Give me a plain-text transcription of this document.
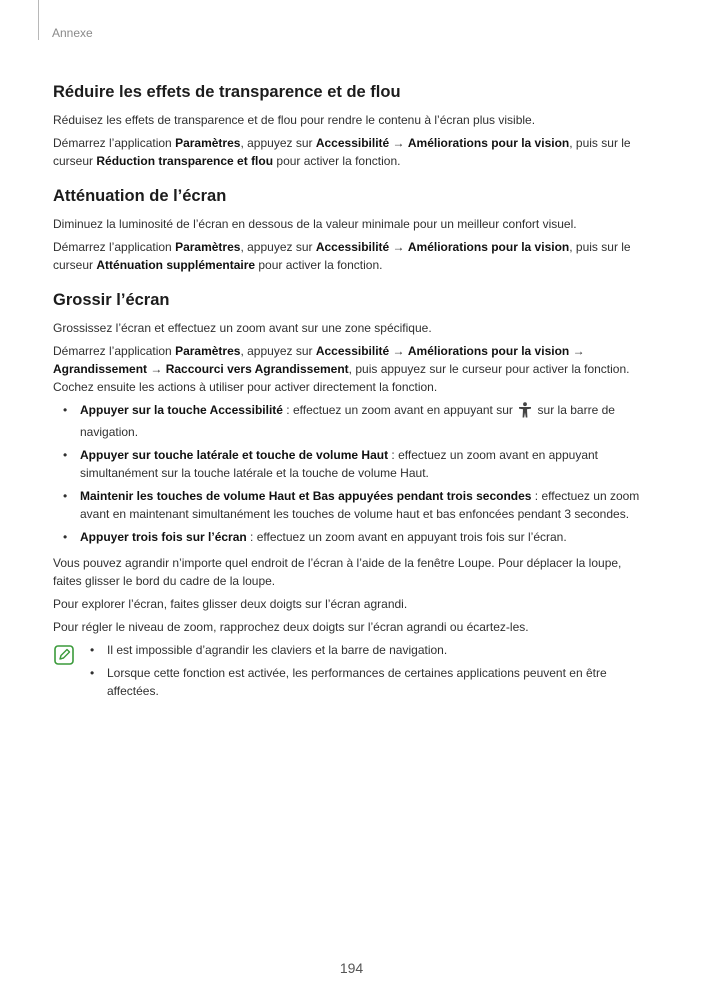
Annexe
Réduire les effets de transparence et de flou

Réduisez les effets de transparence et de flou pour rendre le contenu à l’écran plus visible.

Démarrez l’application Paramètres, appuyez sur Accessibilité → Améliorations pour la vision, puis sur le curseur Réduction transparence et flou pour activer la fonction.

Atténuation de l’écran

Diminuez la luminosité de l’écran en dessous de la valeur minimale pour un meilleur confort visuel.

Démarrez l’application Paramètres, appuyez sur Accessibilité → Améliorations pour la vision, puis sur le curseur Atténuation supplémentaire pour activer la fonction.

Grossir l’écran

Grossissez l’écran et effectuez un zoom avant sur une zone spécifique.

Démarrez l’application Paramètres, appuyez sur Accessibilité → Améliorations pour la vision → Agrandissement → Raccourci vers Agrandissement, puis appuyez sur le curseur pour activer la fonction. Cochez ensuite les actions à utiliser pour activer directement la fonction.

• Appuyer sur la touche Accessibilité : effectuez un zoom avant en appuyant sur  sur la barre de navigation.
• Appuyer sur touche latérale et touche de volume Haut : effectuez un zoom avant en appuyant simultanément sur la touche latérale et la touche de volume Haut.
• Maintenir les touches de volume Haut et Bas appuyées pendant trois secondes : effectuez un zoom avant en maintenant simultanément les touches de volume haut et bas enfoncées pendant 3 secondes.
• Appuyer trois fois sur l’écran : effectuez un zoom avant en appuyant trois fois sur l’écran.

Vous pouvez agrandir n’importe quel endroit de l’écran à l’aide de la fenêtre Loupe. Pour déplacer la loupe, faites glisser le bord du cadre de la loupe.

Pour explorer l’écran, faites glisser deux doigts sur l’écran agrandi.

Pour régler le niveau de zoom, rapprochez deux doigts sur l’écran agrandi ou écartez-les.

• Il est impossible d’agrandir les claviers et la barre de navigation.
• Lorsque cette fonction est activée, les performances de certaines applications peuvent en être affectées.
194
